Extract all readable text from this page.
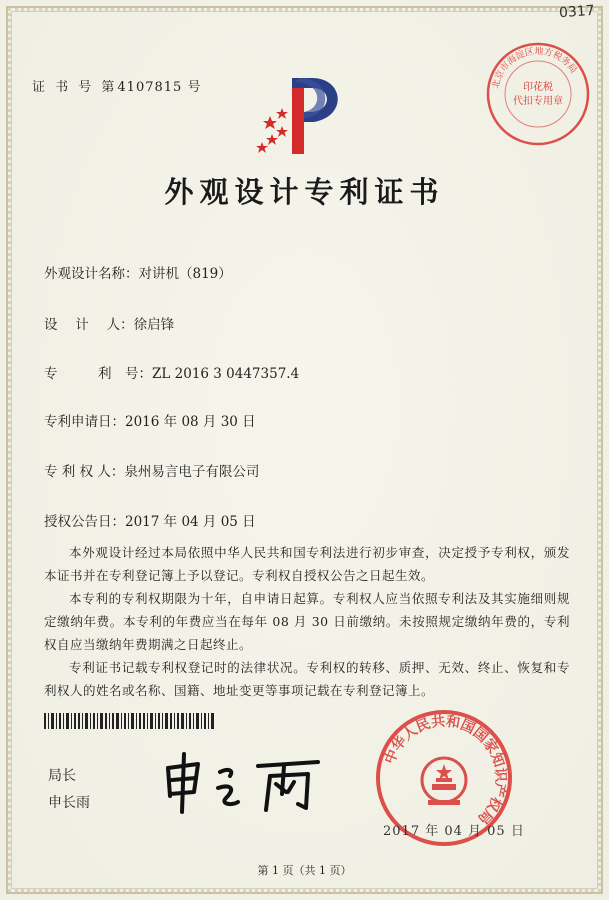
0317
证 书 号 第4107815 号
外观设计专利证书
外观设计名称：对讲机（819）
设　 计　 人：徐启锋
专　　　利　号：ZL 2016 3 0447357.4
专利申请日：2016 年 08 月 30 日
专 利 权 人：泉州易言电子有限公司
授权公告日：2017 年 04 月 05 日

本外观设计经过本局依照中华人民共和国专利法进行初步审查，决定授予专利权，颁发本证书并在专利登记簿上予以登记。专利权自授权公告之日起生效。

本专利的专利权期限为十年，自申请日起算。专利权人应当依照专利法及其实施细则规定缴纳年费。本专利的年费应当在每年 08 月 30 日前缴纳。未按照规定缴纳年费的，专利权自应当缴纳年费期满之日起终止。

专利证书记载专利权登记时的法律状况。专利权的转移、质押、无效、终止、恢复和专利权人的姓名或名称、国籍、地址变更等事项记载在专利登记簿上。

局长
申长雨
中华人民共和国国家知识产权局
2017 年 04 月 05 日
北京市海淀区地方税务局
印花税
代扣专用章
第 1 页（共 1 页）
